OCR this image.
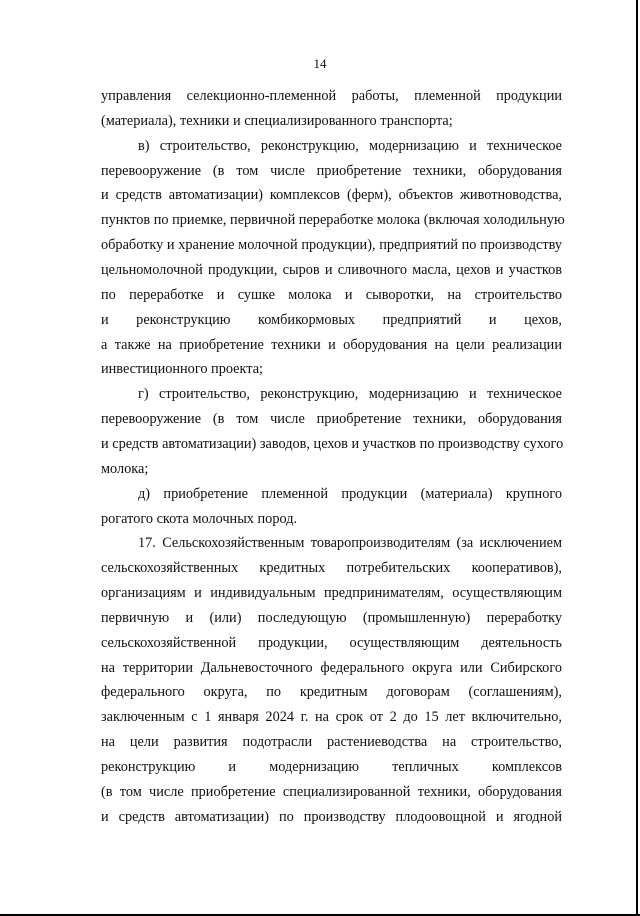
14
управления селекционно-племенной работы, племенной продукции
(материала), техники и специализированного транспорта;
в) строительство, реконструкцию, модернизацию и техническое
перевооружение (в том числе приобретение техники, оборудования
и средств автоматизации) комплексов (ферм), объектов животноводства,
пунктов по приемке, первичной переработке молока (включая холодильную
обработку и хранение молочной продукции), предприятий по производству
цельномолочной продукции, сыров и сливочного масла, цехов и участков
по переработке и сушке молока и сыворотки, на строительство
и реконструкцию комбикормовых предприятий и цехов,
а также на приобретение техники и оборудования на цели реализации
инвестиционного проекта;
г) строительство, реконструкцию, модернизацию и техническое
перевооружение (в том числе приобретение техники, оборудования
и средств автоматизации) заводов, цехов и участков по производству сухого
молока;
д) приобретение племенной продукции (материала) крупного
рогатого скота молочных пород.
17. Сельскохозяйственным товаропроизводителям (за исключением
сельскохозяйственных кредитных потребительских кооперативов),
организациям и индивидуальным предпринимателям, осуществляющим
первичную и (или) последующую (промышленную) переработку
сельскохозяйственной продукции, осуществляющим деятельность
на территории Дальневосточного федерального округа или Сибирского
федерального округа, по кредитным договорам (соглашениям),
заключенным с 1 января 2024 г. на срок от 2 до 15 лет включительно,
на цели развития подотрасли растениеводства на строительство,
реконструкцию и модернизацию тепличных комплексов
(в том числе приобретение специализированной техники, оборудования
и средств автоматизации) по производству плодоовощной и ягодной
